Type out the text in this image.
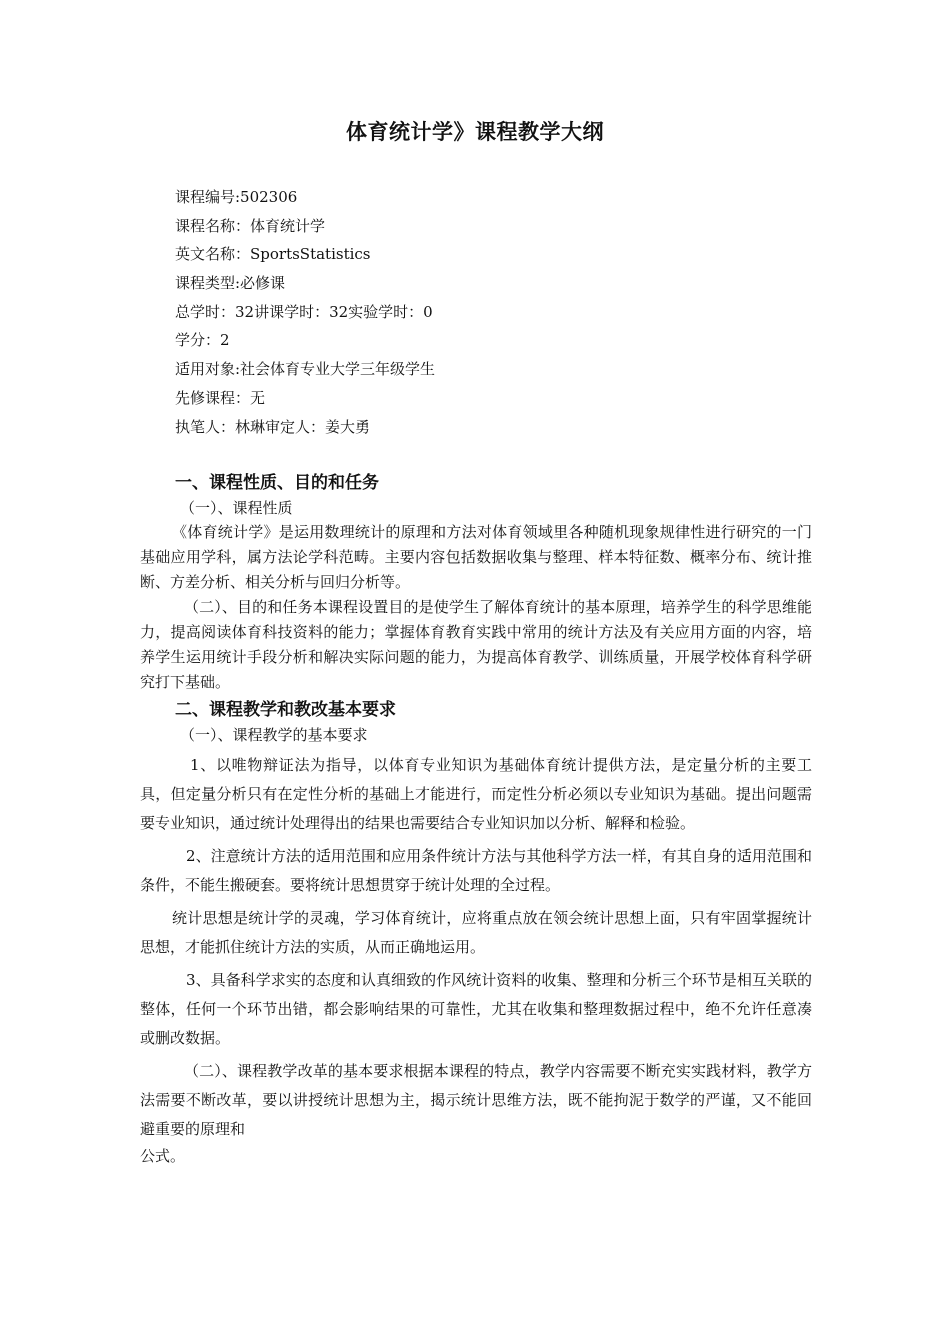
体育统计学》课程教学大纲
课程编号:502306
课程名称：体育统计学
英文名称：SportsStatistics
课程类型:必修课
总学时：32讲课学时：32实验学时：0
学分：2
适用对象:社会体育专业大学三年级学生
先修课程：无
执笔人：林琳审定人：姜大勇
一、课程性质、目的和任务
（一）、课程性质

《体育统计学》是运用数理统计的原理和方法对体育领域里各种随机现象规律性进行研究的一门基础应用学科，属方法论学科范畴。主要内容包括数据收集与整理、样本特征数、概率分布、统计推断、方差分析、相关分析与回归分析等。

（二）、目的和任务本课程设置目的是使学生了解体育统计的基本原理，培养学生的科学思维能力，提高阅读体育科技资料的能力；掌握体育教育实践中常用的统计方法及有关应用方面的内容，培养学生运用统计手段分析和解决实际问题的能力，为提高体育教学、训练质量，开展学校体育科学研究打下基础。

二、课程教学和教改基本要求
（一）、课程教学的基本要求

1、以唯物辩证法为指导，以体育专业知识为基础体育统计提供方法，是定量分析的主要工具，但定量分析只有在定性分析的基础上才能进行，而定性分析必须以专业知识为基础。提出问题需要专业知识，通过统计处理得出的结果也需要结合专业知识加以分析、解释和检验。

2、注意统计方法的适用范围和应用条件统计方法与其他科学方法一样，有其自身的适用范围和条件，不能生搬硬套。要将统计思想贯穿于统计处理的全过程。

统计思想是统计学的灵魂，学习体育统计，应将重点放在领会统计思想上面，只有牢固掌握统计思想，才能抓住统计方法的实质，从而正确地运用。

3、具备科学求实的态度和认真细致的作风统计资料的收集、整理和分析三个环节是相互关联的整体，任何一个环节出错，都会影响结果的可靠性，尤其在收集和整理数据过程中，绝不允许任意凑或删改数据。

（二）、课程教学改革的基本要求根据本课程的特点，教学内容需要不断充实实践材料，教学方法需要不断改革，要以讲授统计思想为主，揭示统计思维方法，既不能拘泥于数学的严谨，又不能回避重要的原理和

公式。
